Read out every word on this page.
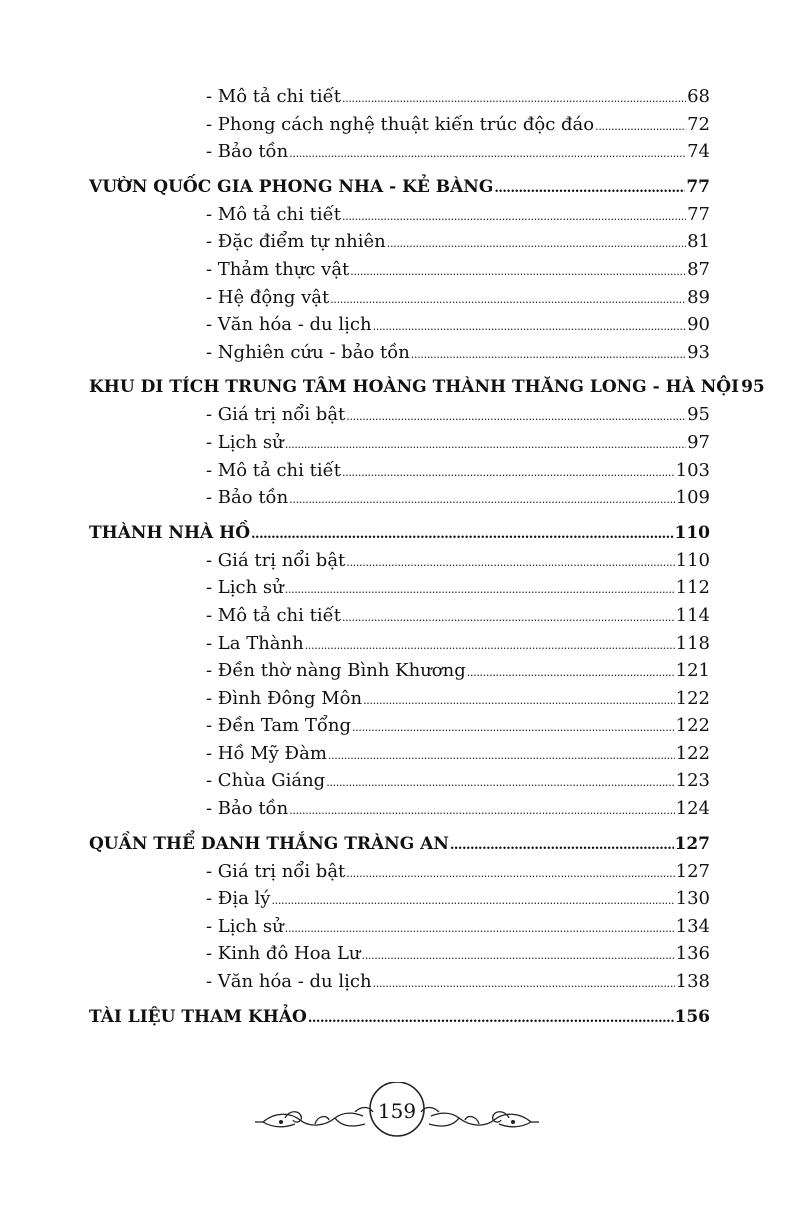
- Mô tả chi tiết .....	68
- Phong cách nghệ thuật kiến trúc độc đáo .....	72
- Bảo tồn .....	74
VƯỜN QUỐC GIA PHONG NHA - KẺ BÀNG .....	77
- Mô tả chi tiết .....	77
- Đặc điểm tự nhiên .....	81
- Thảm thực vật .....	87
- Hệ động vật .....	89
- Văn hóa - du lịch .....	90
- Nghiên cứu - bảo tồn .....	93
KHU DI TÍCH TRUNG TÂM HOÀNG THÀNH THĂNG LONG - HÀ NỘI 95
- Giá trị nổi bật .....	95
- Lịch sử .....	97
- Mô tả chi tiết .....	103
- Bảo tồn .....	109
THÀNH NHÀ HỒ .....	110
- Giá trị nổi bật .....	110
- Lịch sử .....	112
- Mô tả chi tiết .....	114
- La Thành .....	118
- Đền thờ nàng Bình Khương .....	121
- Đình Đông Môn .....	122
- Đền Tam Tổng .....	122
- Hồ Mỹ Đàm .....	122
- Chùa Giáng .....	123
- Bảo tồn .....	124
QUẦN THỂ DANH THẮNG TRÀNG AN .....	127
- Giá trị nổi bật .....	127
- Địa lý .....	130
- Lịch sử .....	134
- Kinh đô Hoa Lư .....	136
- Văn hóa - du lịch .....	138
TÀI LIỆU THAM KHẢO .....	156
159
